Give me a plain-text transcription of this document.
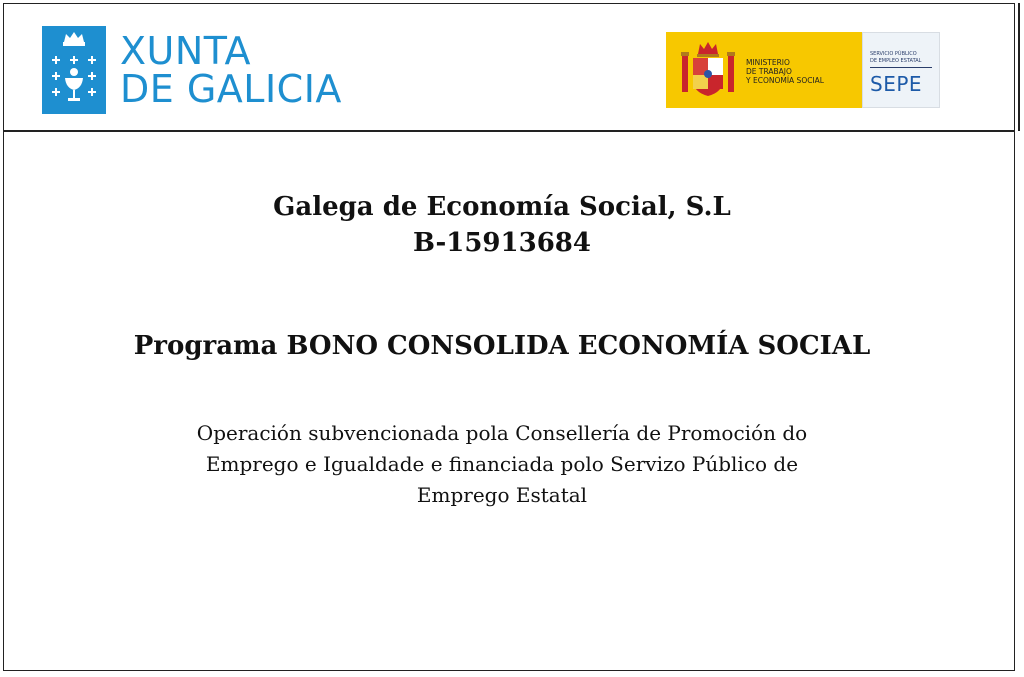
XUNTA
DE GALICIA
MINISTERIO
DE TRABAJO
Y ECONOMÍA SOCIAL
SERVICIO PÚBLICO
DE EMPLEO ESTATAL
SEPE
Galega de Economía Social, S.L
B-15913684
Programa BONO CONSOLIDA ECONOMÍA SOCIAL
Operación subvencionada pola Consellería de Promoción do
Emprego e Igualdade e financiada polo Servizo Público de
Emprego Estatal
